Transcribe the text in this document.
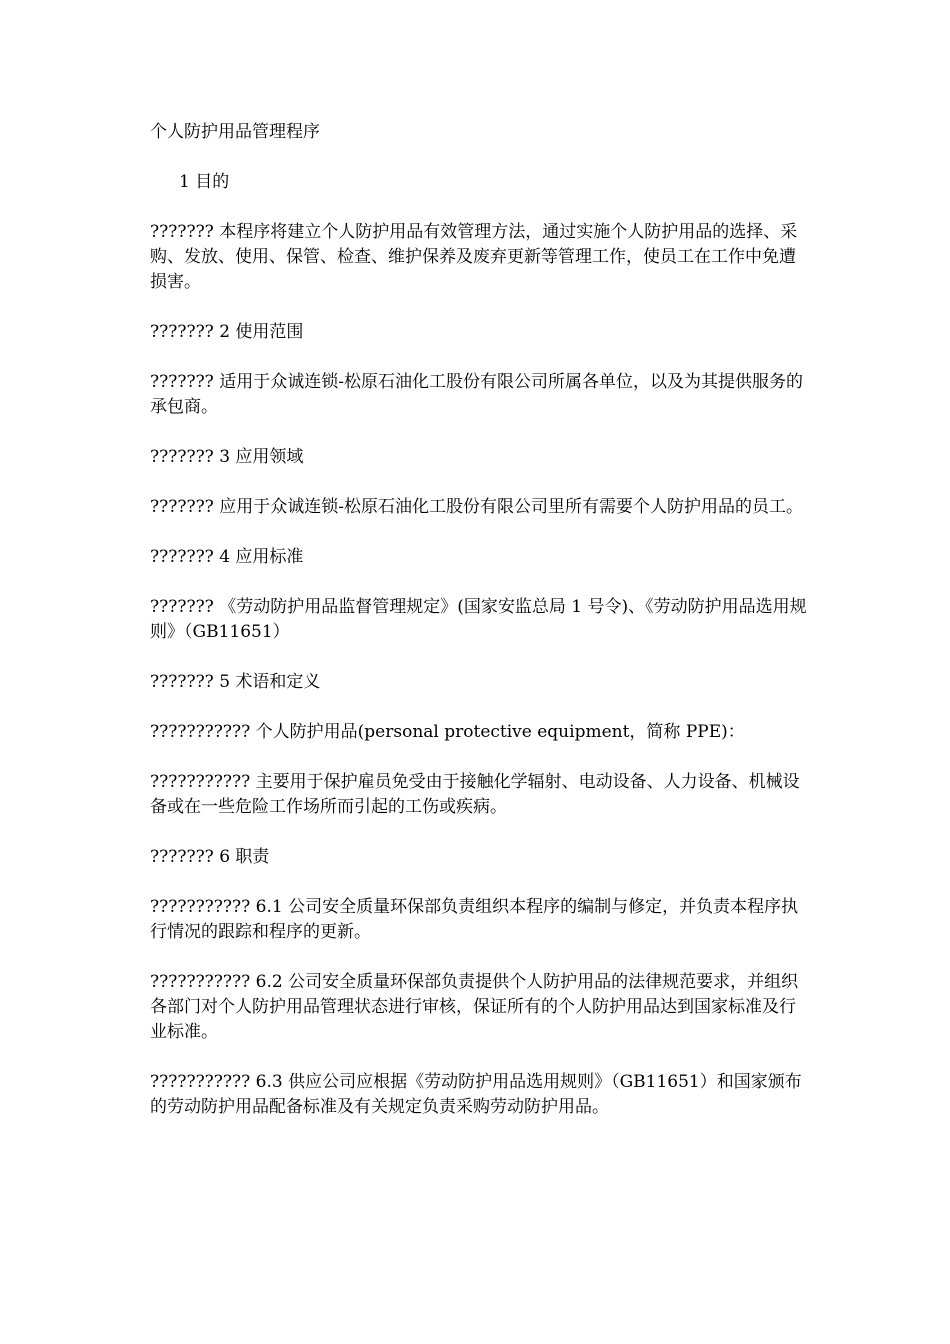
个人防护用品管理程序

1 目的

??????? 本程序将建立个人防护用品有效管理方法，通过实施个人防护用品的选择、采购、发放、使用、保管、检查、维护保养及废弃更新等管理工作，使员工在工作中免遭损害。

??????? 2 使用范围

??????? 适用于众诚连锁-松原石油化工股份有限公司所属各单位，以及为其提供服务的承包商。

??????? 3 应用领域

??????? 应用于众诚连锁-松原石油化工股份有限公司里所有需要个人防护用品的员工。

??????? 4 应用标准

??????? 《劳动防护用品监督管理规定》(国家安监总局 1 号令)、《劳动防护用品选用规则》（GB11651）

??????? 5 术语和定义

??????????? 个人防护用品(personal protective equipment，简称 PPE)：

??????????? 主要用于保护雇员免受由于接触化学辐射、电动设备、人力设备、机械设备或在一些危险工作场所而引起的工伤或疾病。

??????? 6 职责

??????????? 6.1 公司安全质量环保部负责组织本程序的编制与修定，并负责本程序执行情况的跟踪和程序的更新。

??????????? 6.2 公司安全质量环保部负责提供个人防护用品的法律规范要求，并组织各部门对个人防护用品管理状态进行审核，保证所有的个人防护用品达到国家标准及行业标准。

??????????? 6.3 供应公司应根据《劳动防护用品选用规则》（GB11651）和国家颁布的劳动防护用品配备标准及有关规定负责采购劳动防护用品。
